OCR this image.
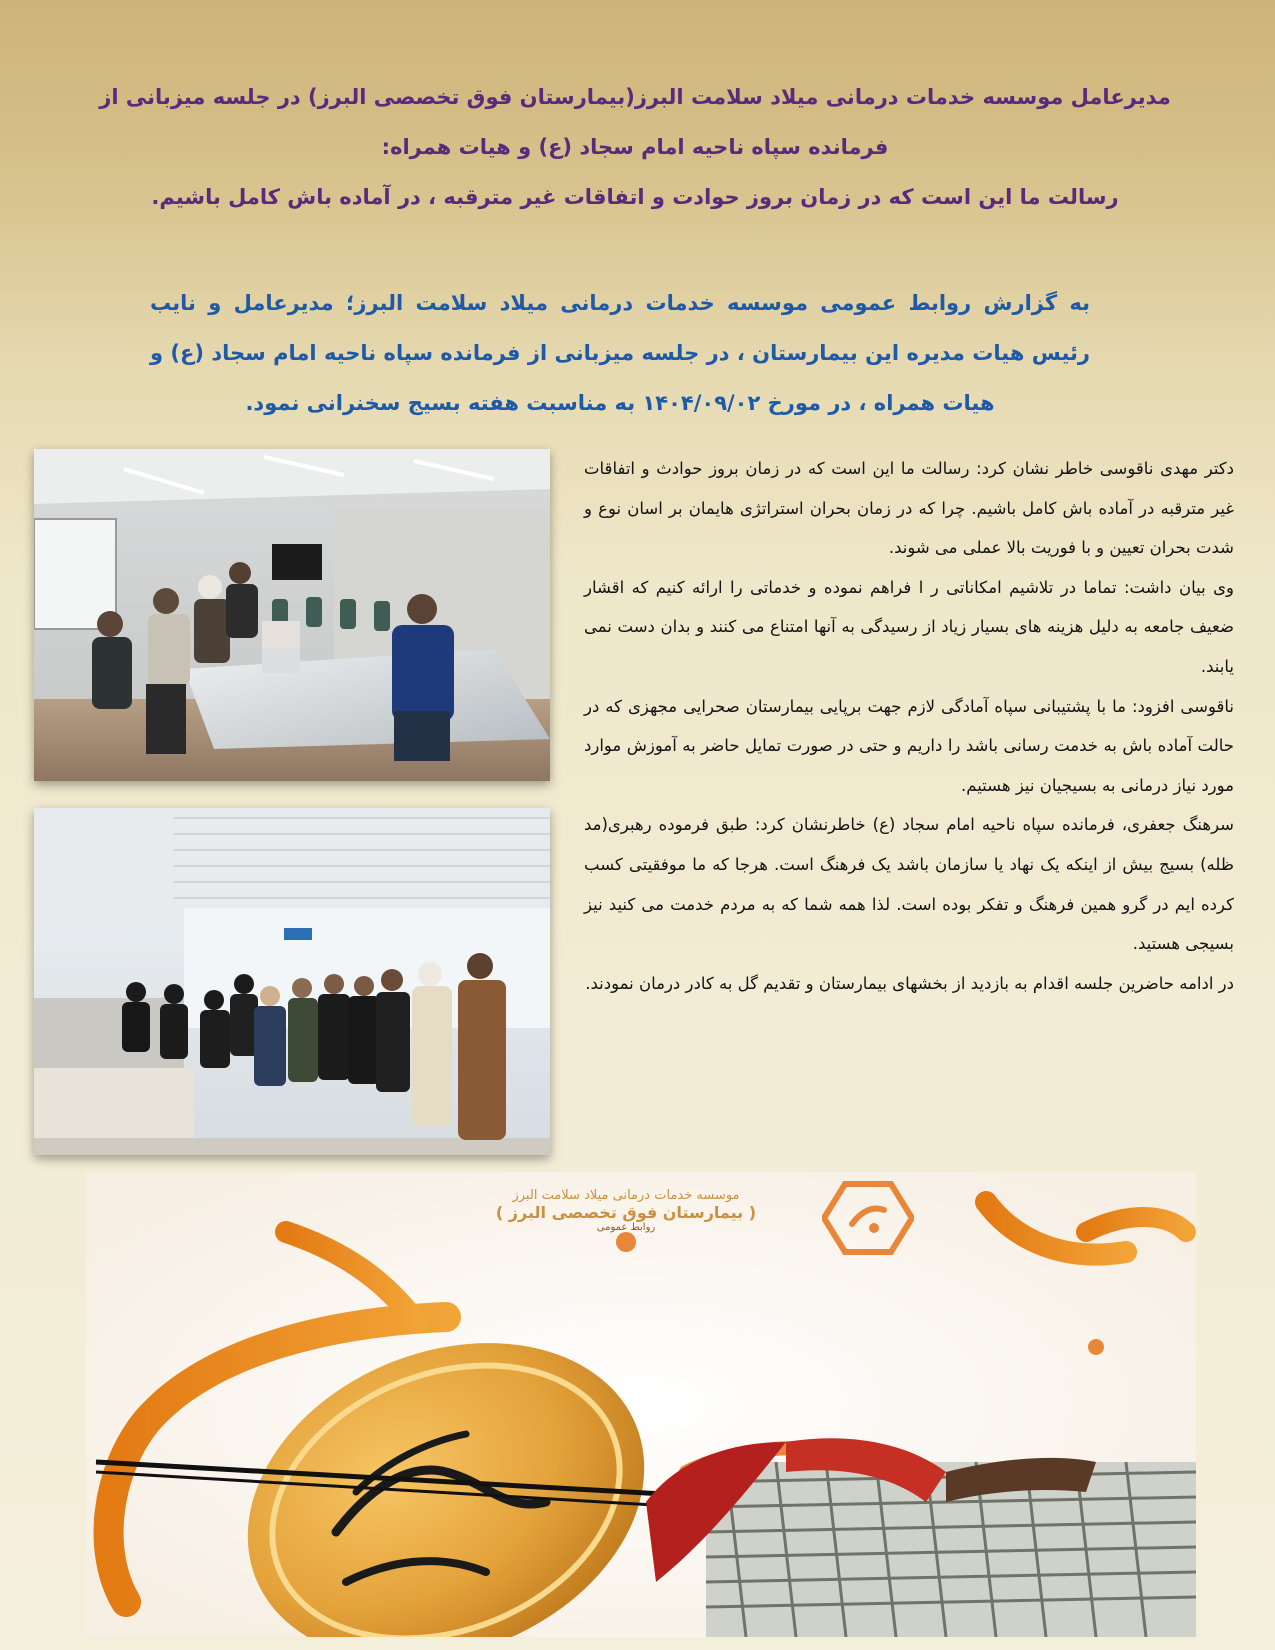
مدیرعامل موسسه خدمات درمانی میلاد سلامت البرز(بیمارستان فوق تخصصی البرز) در جلسه میزبانی از
فرمانده سپاه ناحیه امام سجاد (ع) و هیات همراه:
رسالت ما این است که در زمان بروز حوادت و اتفاقات غیر مترقبه ، در آماده باش کامل باشیم.
به گزارش روابط عمومی موسسه خدمات درمانی میلاد سلامت البرز؛ مدیرعامل و نایب رئیس هیات مدیره این بیمارستان ، در جلسه میزبانی از فرمانده سپاه ناحیه امام سجاد (ع) و هیات همراه ، در مورخ ۱۴۰۴/۰۹/۰۲ به مناسبت هفته بسیج سخنرانی نمود.

دکتر مهدی ناقوسی خاطر نشان کرد: رسالت ما این است که در زمان بروز حوادث و اتفاقات غیر مترقبه در آماده باش کامل باشیم. چرا که در زمان بحران استراتژی هایمان بر اسان نوع و شدت بحران تعیین و با فوریت بالا عملی می شوند.

وی بیان داشت: تماما در تلاشیم امکاناتی ر ا فراهم نموده و خدماتی را ارائه کنیم که اقشار ضعیف جامعه به دلیل هزینه های بسیار زیاد از رسیدگی به آنها امتناع می کنند و بدان دست نمی یابند.

ناقوسی افزود: ما با پشتیبانی سپاه آمادگی لازم جهت برپایی بیمارستان صحرایی مجهزی که در حالت آماده باش به خدمت رسانی باشد را داریم و حتی در صورت تمایل حاضر به آموزش موارد مورد نیاز درمانی به بسیجیان نیز هستیم.

سرهنگ جعفری، فرمانده سپاه ناحیه امام سجاد (ع) خاطرنشان کرد: طبق فرموده رهبری(مد ظله) بسیج بیش از اینکه یک نهاد یا سازمان باشد یک فرهنگ است. هرجا که ما موفقیتی کسب کرده ایم در گرو همین فرهنگ و تفکر بوده است. لذا همه شما که به مردم خدمت می کنید نیز بسیجی هستید.

در ادامه حاضرین جلسه اقدام به بازدید از بخشهای بیمارستان و تقدیم گل به کادر درمان نمودند.

موسسه خدمات درمانی میلاد سلامت البرز
( بیمارستان فوق تخصصی البرز )
روابط عمومی
